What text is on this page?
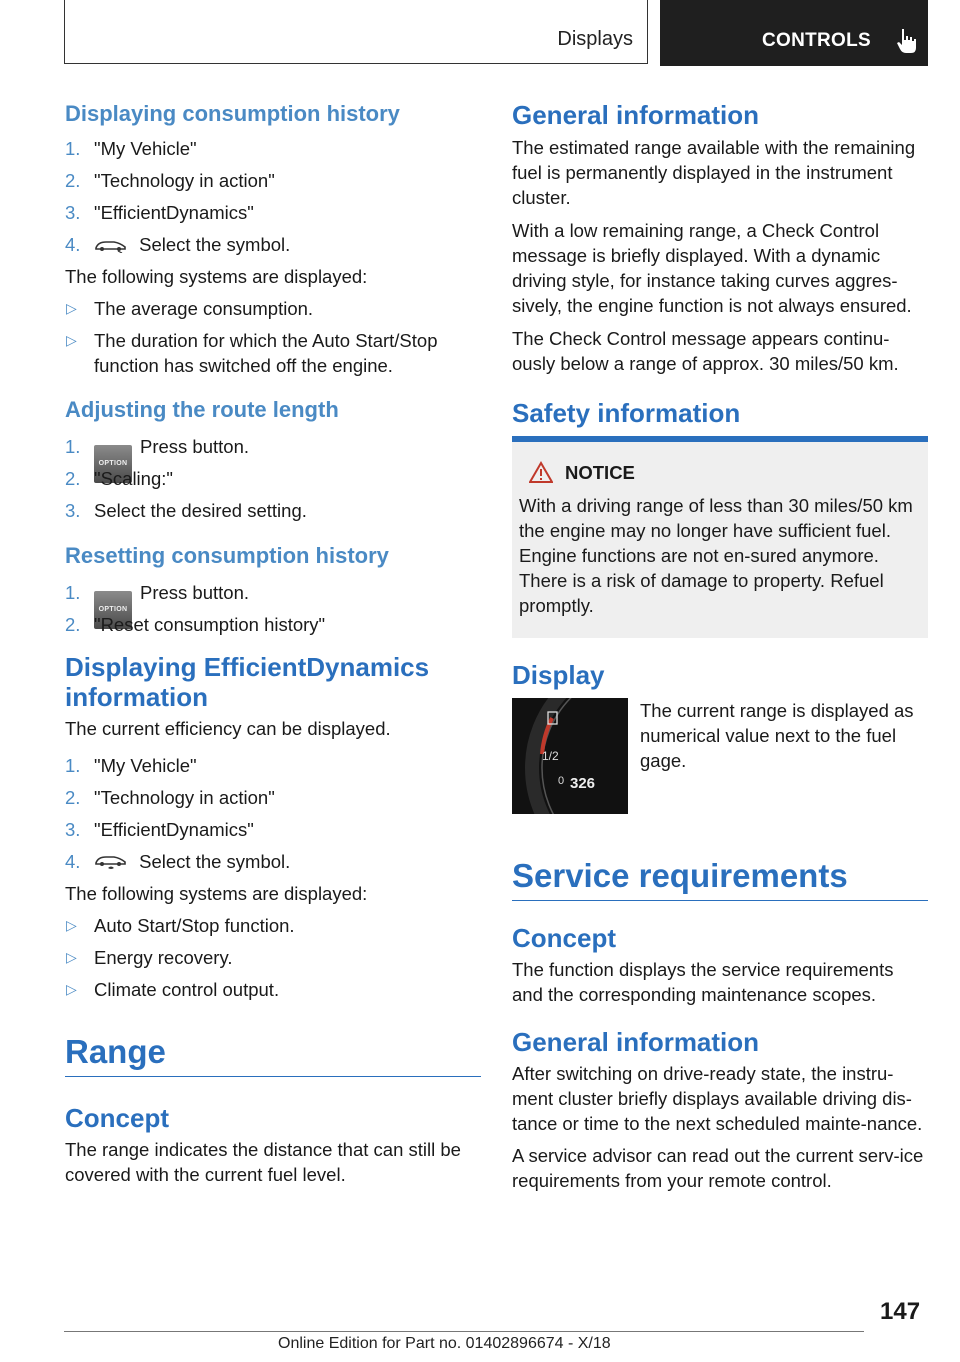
Displays	CONTROLS
Displaying consumption history
1. "My Vehicle"
2. "Technology in action"
3. "EfficientDynamics"
4.	Select the symbol.

The following systems are displayed:

▷ The average consumption.
▷ The duration for which the Auto Start/Stop function has switched off the engine.
Adjusting the route length
1.
OPTIONPress button.
2. "Scaling:"
3. Select the desired setting.
Resetting consumption history
1.
OPTIONPress button.
2. "Reset consumption history"
Displaying EfficientDynamics information

The current efficiency can be displayed.

1. "My Vehicle"
2. "Technology in action"
3. "EfficientDynamics"
4.	Select the symbol.

The following systems are displayed:

▷ Auto Start/Stop function.
▷ Energy recovery.
▷ Climate control output.
Range
Concept

The range indicates the distance that can still be covered with the current fuel level.

General information

The estimated range available with the remaining fuel is permanently displayed in the instrument cluster.

With a low remaining range, a Check Control message is briefly displayed. With a dynamic driving style, for instance taking curves aggres-sively, the engine function is not always ensured.

The Check Control message appears continu-ously below a range of approx. 30 miles/50 km.

Safety information
NOTICE

With a driving range of less than 30 miles/50 km the engine may no longer have sufficient fuel. Engine functions are not en-sured anymore. There is a risk of damage to property. Refuel promptly.

Display
1/2
0 326

The current range is displayed as numerical value next to the fuel gage.

Service requirements
Concept

The function displays the service requirements and the corresponding maintenance scopes.

General information

After switching on drive-ready state, the instru-ment cluster briefly displays available driving dis-tance or time to the next scheduled mainte-nance.

A service advisor can read out the current serv-ice requirements from your remote control.

147
Online Edition for Part no. 01402896674 - X/18
